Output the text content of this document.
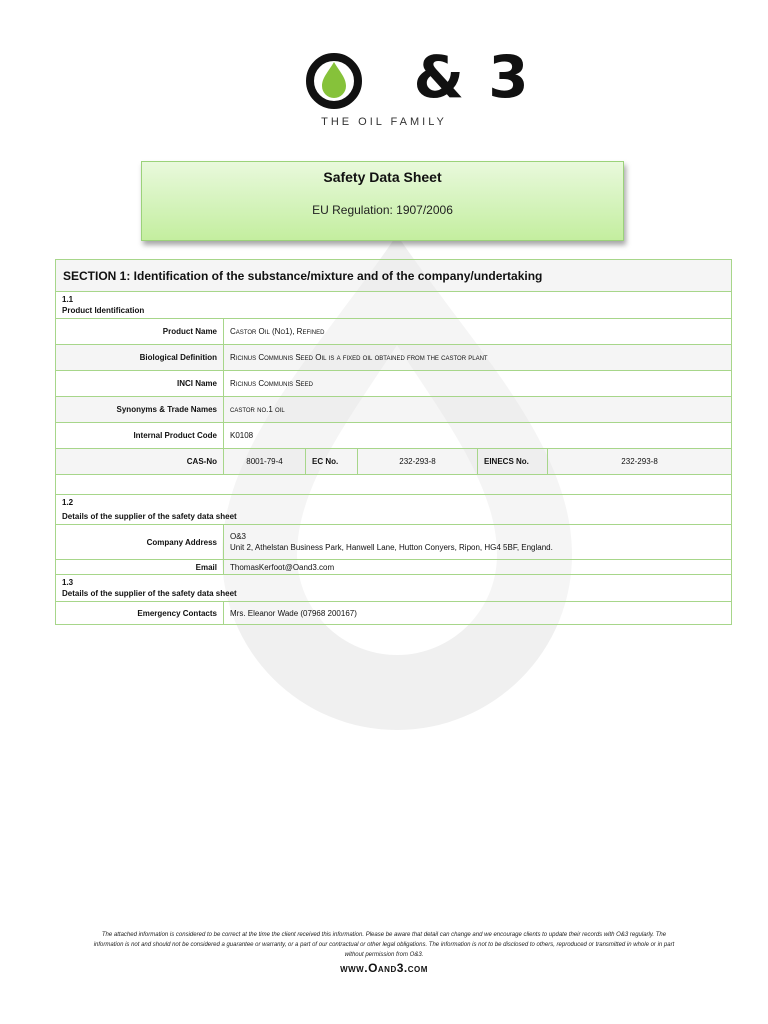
& 3
THE OIL FAMILY
Safety Data Sheet
EU Regulation: 1907/2006
SECTION 1: Identification of the substance/mixture and of the company/undertaking					

1.1
Product Identification					

Product Name	Castor Oil (No1), Refined				
Biological Definition	Ricinus Communis Seed Oil is a fixed oil obtained from the castor plant				
INCI Name	Ricinus Communis Seed				
Synonyms & Trade Names	castor no.1 oil				
Internal Product Code	K0108				
CAS-No	8001-79-4	EC No.	232-293-8	EINECS No.	232-293-8

1.2
Details of the supplier of the safety data sheet					

Company Address	O&3
Unit 2, Athelstan Business Park, Hanwell Lane, Hutton Conyers, Ripon, HG4 5BF, England.				

Email	ThomasKerfoot@Oand3.com				

1.3
Details of the supplier of the safety data sheet					

Emergency Contacts	Mrs. Eleanor Wade (07968 200167)				
The attached information is considered to be correct at the time the client received this information. Please be aware that detail can change and we encourage clients to update their records with O&3 regularly. The information is not and should not be considered a guarantee or warranty, or a part of our contractual or other legal obligations. The information is not to be disclosed to others, reproduced or transmitted in whole or in part without permission from O&3.
www.Oand3.com
